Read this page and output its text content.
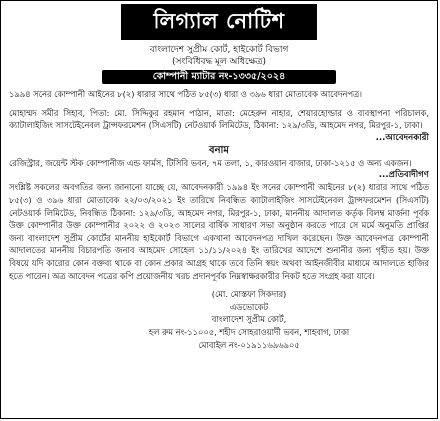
লিগ্যাল নোটিশ
বাংলাদেশ সুপ্রীম কোর্ট, হাইকোর্ট বিভাগ
(সংবিধিবদ্ধ মূল অধিক্ষেত্র)
কোম্পানী ম্যাটার নং-১৩৩৫/২০২৪
১৯৯৪ সনের কোম্পানী আইনের ৮(২) ধারার সাথে পঠিত ৮৫(৩) ধারা ও ৩৯৬ ধারা মোতাবেক আবেদনপত্র।
মোহাম্মদ সমীর সিহাব, পিতা: মো. সিদ্দিকুর রহমান পাঠান, মাতা: মেহেরুন নাহার, শেয়ারহোল্ডার ও ব্যবস্থাপনা পরিচালক, ক্যাটালাইজিং সাসটেইনেবল ট্রান্সফরমেশন (সিএসটি) নেটওয়ার্ক লিমিটেড, ঠিকানা: ১২৯/৩ডি, আহমেদ নগর, মিরপুর-১, ঢাকা।
...আবেদনকারী
বনাম
রেজিস্ট্রার, জয়েন্ট স্টক কোম্পানীজ এন্ড ফার্মস, টিসিবি ভবন, ৭ম তলা, ১, কারওয়ান বাজার, ঢাকা-১২১৫ ও অন্য একজন।
...প্রতিবাদীগণ
সংশ্লিষ্ট সকলের অবগতির জন্য জানানো যাচ্ছে যে, আবেদনকারী ১৯৯৪ ইং সনের কোম্পানী আইনের ৮(২) ধারার সাথে পঠিত ৮৫(৩) ও ৩৯৬ ধারা মোতাবেক ২২/০৩/২০২১ ইং তারিখে নিবন্ধিত ক্যাটালাইজিং সাসটেইনেবল ট্রান্সফরমেশন (সিএসটি) নেটওয়ার্ক লিমিটেড, নিবন্ধিত ঠিকানা: ১২৯/৩ডি, আহমেদ নগর, মিরপুর-১, ঢাকা, মাননীয় আদালত কর্তৃক বিলম্ব মার্জনা পূর্বক উক্ত কোম্পানীর উক্ত কোম্পানীর ২০২২ ও ২০২৩ সালের বার্ষিক সাধারণ সভা অনুষ্ঠান করতে পারে সে মর্মে অনুমতি প্রাপ্তির জন্য বাংলাদেশ সুপ্রীম কোর্টের মাননীয় হাইকোর্ট বিভাগে একখানা আবেদনপত্র দাখিল করেছেন। উক্ত আবেদনপত্র কোম্পানী আদালতের মাননীয় বিচারপতি জনাব আহমেদ সোহেল ১১/১১/২০২৪ ইং তারিখের আদেশে শুনানীর জন্য গৃহীত হয়। উক্ত বিষয়ে যদি কারোর কোন বক্তব্য থাকে বা কোন প্রকার আগ্রহ থাকে তবে তিনি স্বয়ং অথবা আইনজীবীর মাধ্যমে আদালতে হাজির হতে পারেন। অত্র আবেদন পত্রের কপি প্রয়োজনীয় খরচ প্রদানপূর্বক নিম্নস্বাক্ষরকারীর নিকট হতে সংগ্রহ করা যাবে।
(মো. মোস্তফা সিকদার)
এডভোকেট
বাংলাদেশ সুপ্রীম কোর্ট,
হল রুম নং-১১০০৫, শহীদ সোহরাওয়ার্দী ভবন, শাহবাগ, ঢাকা
মোবাইল নং-০১৯১১৬৯৬৯০৫
